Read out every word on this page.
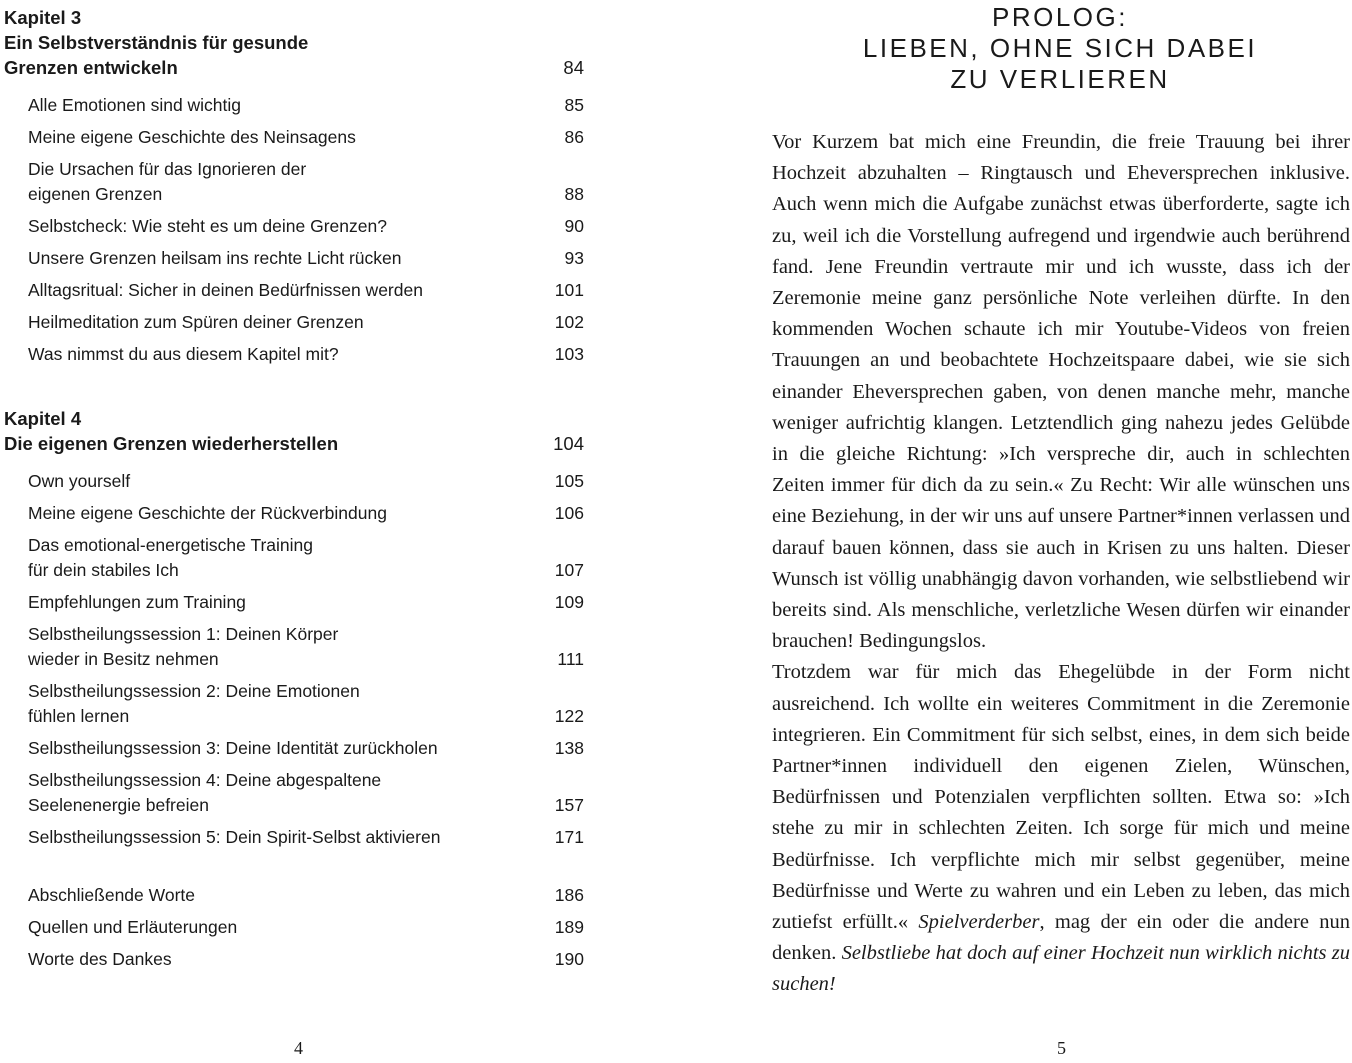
Kapitel 3
Ein Selbstverständnis für gesunde
Grenzen entwickeln	84
Alle Emotionen sind wichtig	85
Meine eigene Geschichte des Neinsagens	86
Die Ursachen für das Ignorieren der
eigenen Grenzen	88
Selbstcheck: Wie steht es um deine Grenzen?	90
Unsere Grenzen heilsam ins rechte Licht rücken	93
Alltagsritual: Sicher in deinen Bedürfnissen werden	101
Heilmeditation zum Spüren deiner Grenzen	102
Was nimmst du aus diesem Kapitel mit?	103
Kapitel 4
Die eigenen Grenzen wiederherstellen	104
Own yourself	105
Meine eigene Geschichte der Rückverbindung	106
Das emotional-energetische Training
für dein stabiles Ich	107
Empfehlungen zum Training	109
Selbstheilungssession 1: Deinen Körper
wieder in Besitz nehmen	111
Selbstheilungssession 2: Deine Emotionen
fühlen lernen	122
Selbstheilungssession 3: Deine Identität zurückholen	138
Selbstheilungssession 4: Deine abgespaltene
Seelenenergie befreien	157
Selbstheilungssession 5: Dein Spirit-Selbst aktivieren	171
Abschließende Worte	186
Quellen und Erläuterungen	189
Worte des Dankes	190
4
PROLOG:
LIEBEN, OHNE SICH DABEI
ZU VERLIEREN

Vor Kurzem bat mich eine Freundin, die freie Trauung bei ihrer Hochzeit abzuhalten – Ringtausch und Eheversprechen inklusive. Auch wenn mich die Aufgabe zunächst etwas überforderte, sagte ich zu, weil ich die Vorstellung aufregend und irgendwie auch berührend fand. Jene Freundin vertraute mir und ich wusste, dass ich der Zeremonie meine ganz persönliche Note verleihen dürfte. In den kommenden Wochen schaute ich mir Youtube-Videos von freien Trauungen an und beobachtete Hochzeitspaare dabei, wie sie sich einander Eheversprechen gaben, von denen manche mehr, manche weniger aufrichtig klangen. Letztendlich ging nahezu jedes Gelübde in die gleiche Richtung: »Ich verspreche dir, auch in schlechten Zeiten immer für dich da zu sein.« Zu Recht: Wir alle wünschen uns eine Beziehung, in der wir uns auf unsere Partner*innen verlassen und darauf bauen können, dass sie auch in Krisen zu uns halten. Dieser Wunsch ist völlig unabhängig davon vorhanden, wie selbstliebend wir bereits sind. Als menschliche, verletzliche Wesen dürfen wir einander brauchen! Bedingungslos.

Trotzdem war für mich das Ehegelübde in der Form nicht ausreichend. Ich wollte ein weiteres Commitment in die Zeremonie integrieren. Ein Commitment für sich selbst, eines, in dem sich beide Partner*innen individuell den eigenen Zielen, Wünschen, Bedürfnissen und Potenzialen verpflichten sollten. Etwa so: »Ich stehe zu mir in schlechten Zeiten. Ich sorge für mich und meine Bedürfnisse. Ich verpflichte mich mir selbst gegenüber, meine Bedürfnisse und Werte zu wahren und ein Leben zu leben, das mich zutiefst erfüllt.« Spielverderber, mag der ein oder die andere nun denken. Selbstliebe hat doch auf einer Hochzeit nun wirklich nichts zu suchen!

5
